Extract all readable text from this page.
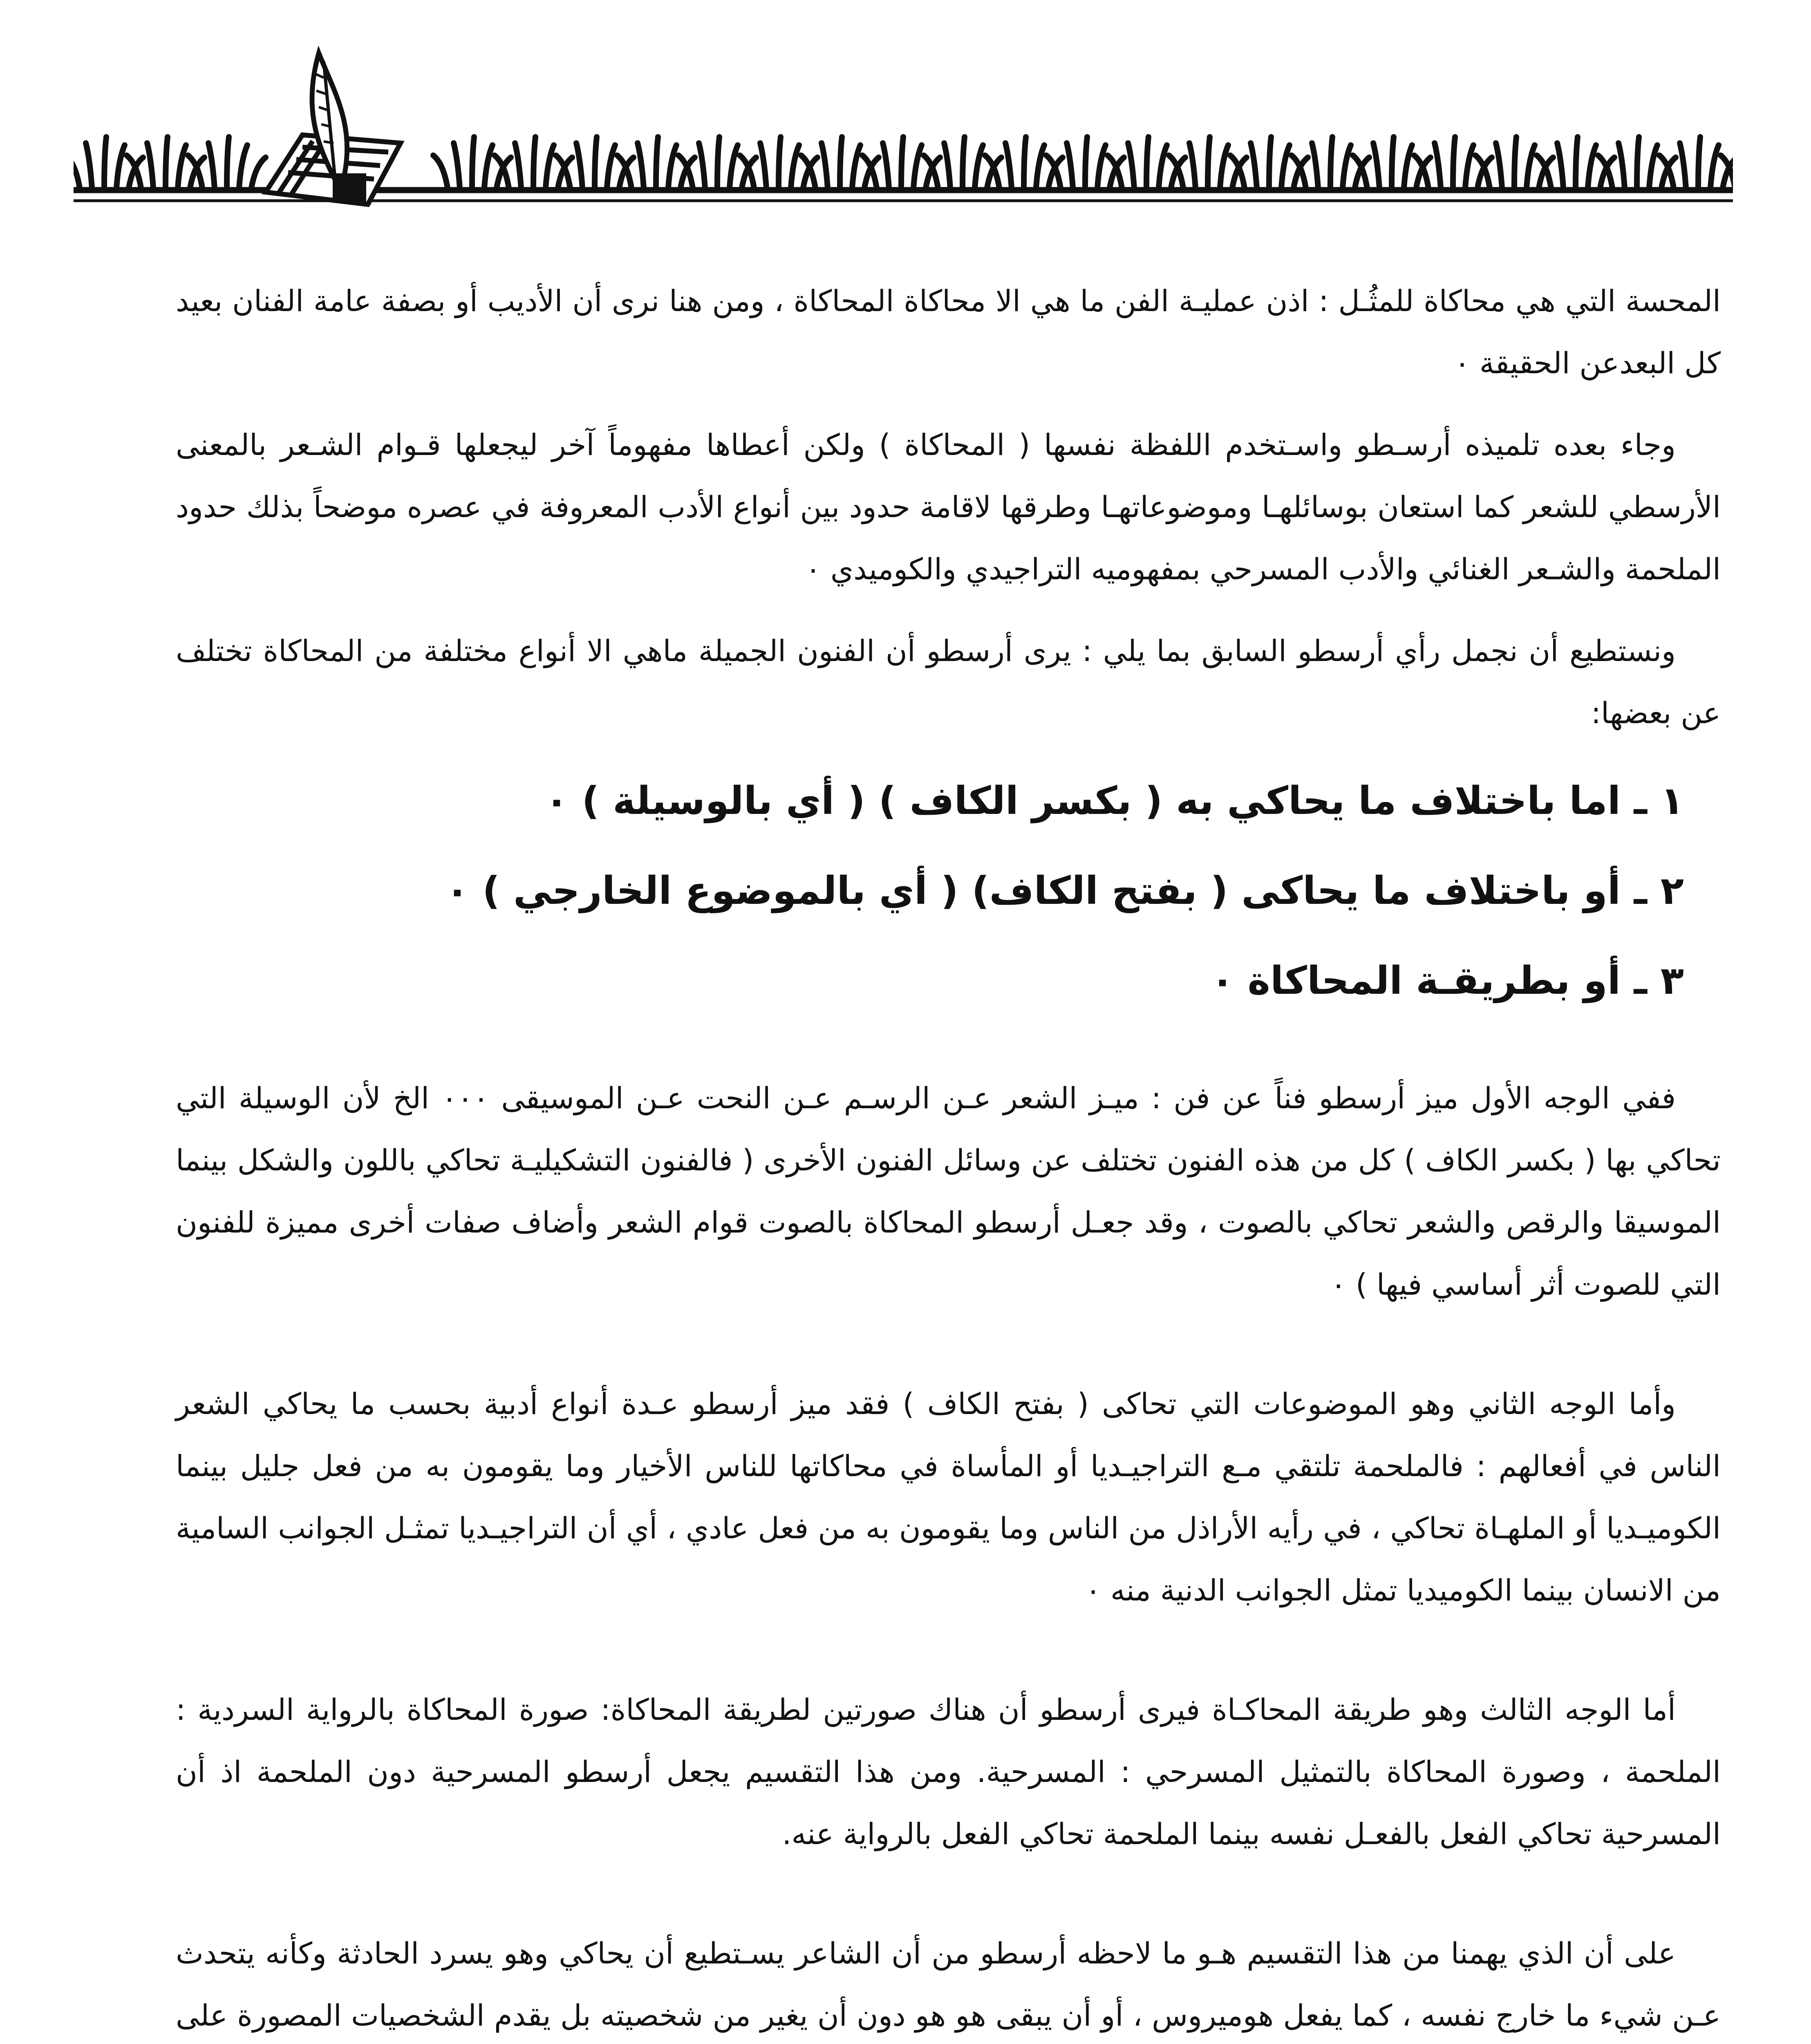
المحسة التي هي محاكاة للمثُـل : اذن عمليـة الفن ما هي الا محاكاة المحاكاة ، ومن هنا نرى أن الأديب أو بصفة عامة الفنان بعيد كل البعدعن الحقيقة ٠

وجاء بعده تلميذه أرسـطو واسـتخدم اللفظة نفسها ( المحاكاة ) ولكن أعطاها مفهوماً آخر ليجعلها قـوام الشـعر بالمعنى الأرسطي للشعر كما استعان بوسائلهـا وموضوعاتهـا وطرقها لاقامة حدود بين أنواع الأدب المعروفة في عصره موضحاً بذلك حدود الملحمة والشـعر الغنائي والأدب المسرحي بمفهوميه التراجيدي والكوميدي ٠

ونستطيع أن نجمل رأي أرسطو السابق بما يلي : يرى أرسطو أن الفنون الجميلة ماهي الا أنواع مختلفة من المحاكاة تختلف عن بعضها:

١ ـ اما باختلاف ما يحاكي به ( بكسر الكاف ) ( أي بالوسيلة ) ٠

٢ ـ أو باختلاف ما يحاكى ( بفتح الكاف) ( أي بالموضوع الخارجي ) ٠

٣ ـ أو بطريقـة المحاكاة ٠

ففي الوجه الأول ميز أرسطو فناً عن فن : ميـز الشعر عـن الرسـم عـن النحت عـن الموسيقى ٠٠٠ الخ لأن الوسيلة التي تحاكي بها ( بكسر الكاف ) كل من هذه الفنون تختلف عن وسائل الفنون الأخرى ( فالفنون التشكيليـة تحاكي باللون والشكل بينما الموسيقا والرقص والشعر تحاكي بالصوت ، وقد جعـل أرسطو المحاكاة بالصوت قوام الشعر وأضاف صفات أخرى مميزة للفنون التي للصوت أثر أساسي فيها ) ٠

وأما الوجه الثاني وهو الموضوعات التي تحاكى ( بفتح الكاف ) فقد ميز أرسطو عـدة أنواع أدبية بحسب ما يحاكي الشعر الناس في أفعالهم : فالملحمة تلتقي مـع التراجيـديا أو المأساة في محاكاتها للناس الأخيار وما يقومون به من فعل جليل بينما الكوميـديا أو الملهـاة تحاكي ، في رأيه الأراذل من الناس وما يقومون به من فعل عادي ، أي أن التراجيـديا تمثـل الجوانب السامية من الانسان بينما الكوميديا تمثل الجوانب الدنية منه ٠

أما الوجه الثالث وهو طريقة المحاكـاة فيرى أرسطو أن هناك صورتين لطريقة المحاكاة: صورة المحاكاة بالرواية السردية : الملحمة ، وصورة المحاكاة بالتمثيل المسرحي : المسرحية. ومن هذا التقسيم يجعل أرسطو المسرحية دون الملحمة اذ أن المسرحية تحاكي الفعل بالفعـل نفسه بينما الملحمة تحاكي الفعل بالرواية عنه.

على أن الذي يهمنا من هذا التقسيم هـو ما لاحظه أرسطو من أن الشاعر يسـتطيع أن يحاكي وهو يسرد الحادثة وكأنه يتحدث عـن شيء ما خارج نفسه ، كما يفعل هوميروس ، أو أن يبقى هو هو دون أن يغير من شخصيته بل يقدم الشخصيات المصورة على
